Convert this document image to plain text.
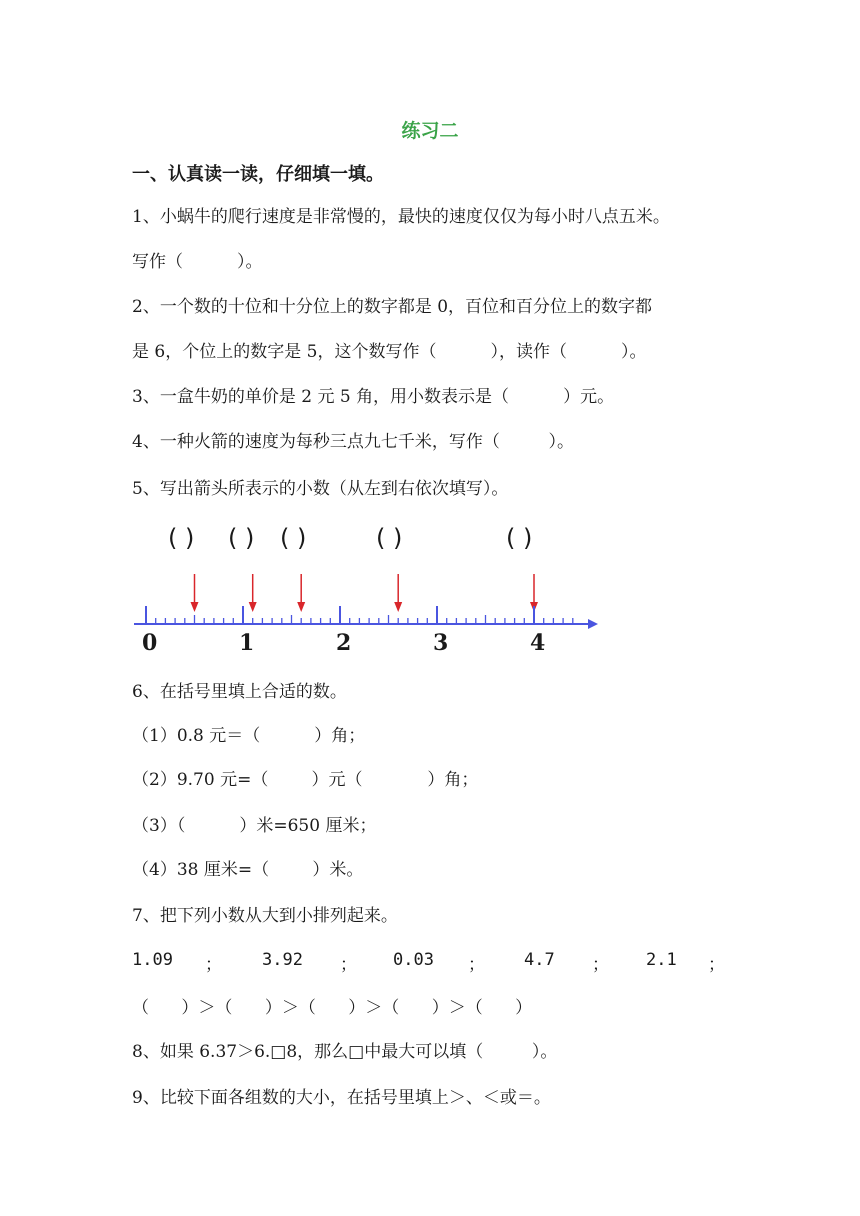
练习二
一、认真读一读，仔细填一填。
1、小蜗牛的爬行速度是非常慢的，最快的速度仅仅为每小时八点五米。
写作（          ）。
2、一个数的十位和十分位上的数字都是 0，百位和百分位上的数字都
是 6，个位上的数字是 5，这个数写作（          ），读作（          ）。
3、一盒牛奶的单价是 2 元 5 角，用小数表示是（          ）元。
4、一种火箭的速度为每秒三点九七千米，写作（         ）。
5、写出箭头所表示的小数（从左到右依次填写）。
( ) ( ) ( )	( )	( )
0	1	2	3	4
6、在括号里填上合适的数。
（1）0.8 元＝（          ）角；
（2）9.70 元=（        ）元（            ）角；
（3）（          ）米=650 厘米；
（4）38 厘米=（        ）米。
7、把下列小数从大到小排列起来。
1.09 ； 3.92 ； 0.03 ； 4.7 ； 2.1 ；
（      ）＞（      ）＞（      ）＞（      ）＞（      ）
8、如果 6.37＞6.□8，那么□中最大可以填（         ）。
9、比较下面各组数的大小，在括号里填上＞、＜或＝。
